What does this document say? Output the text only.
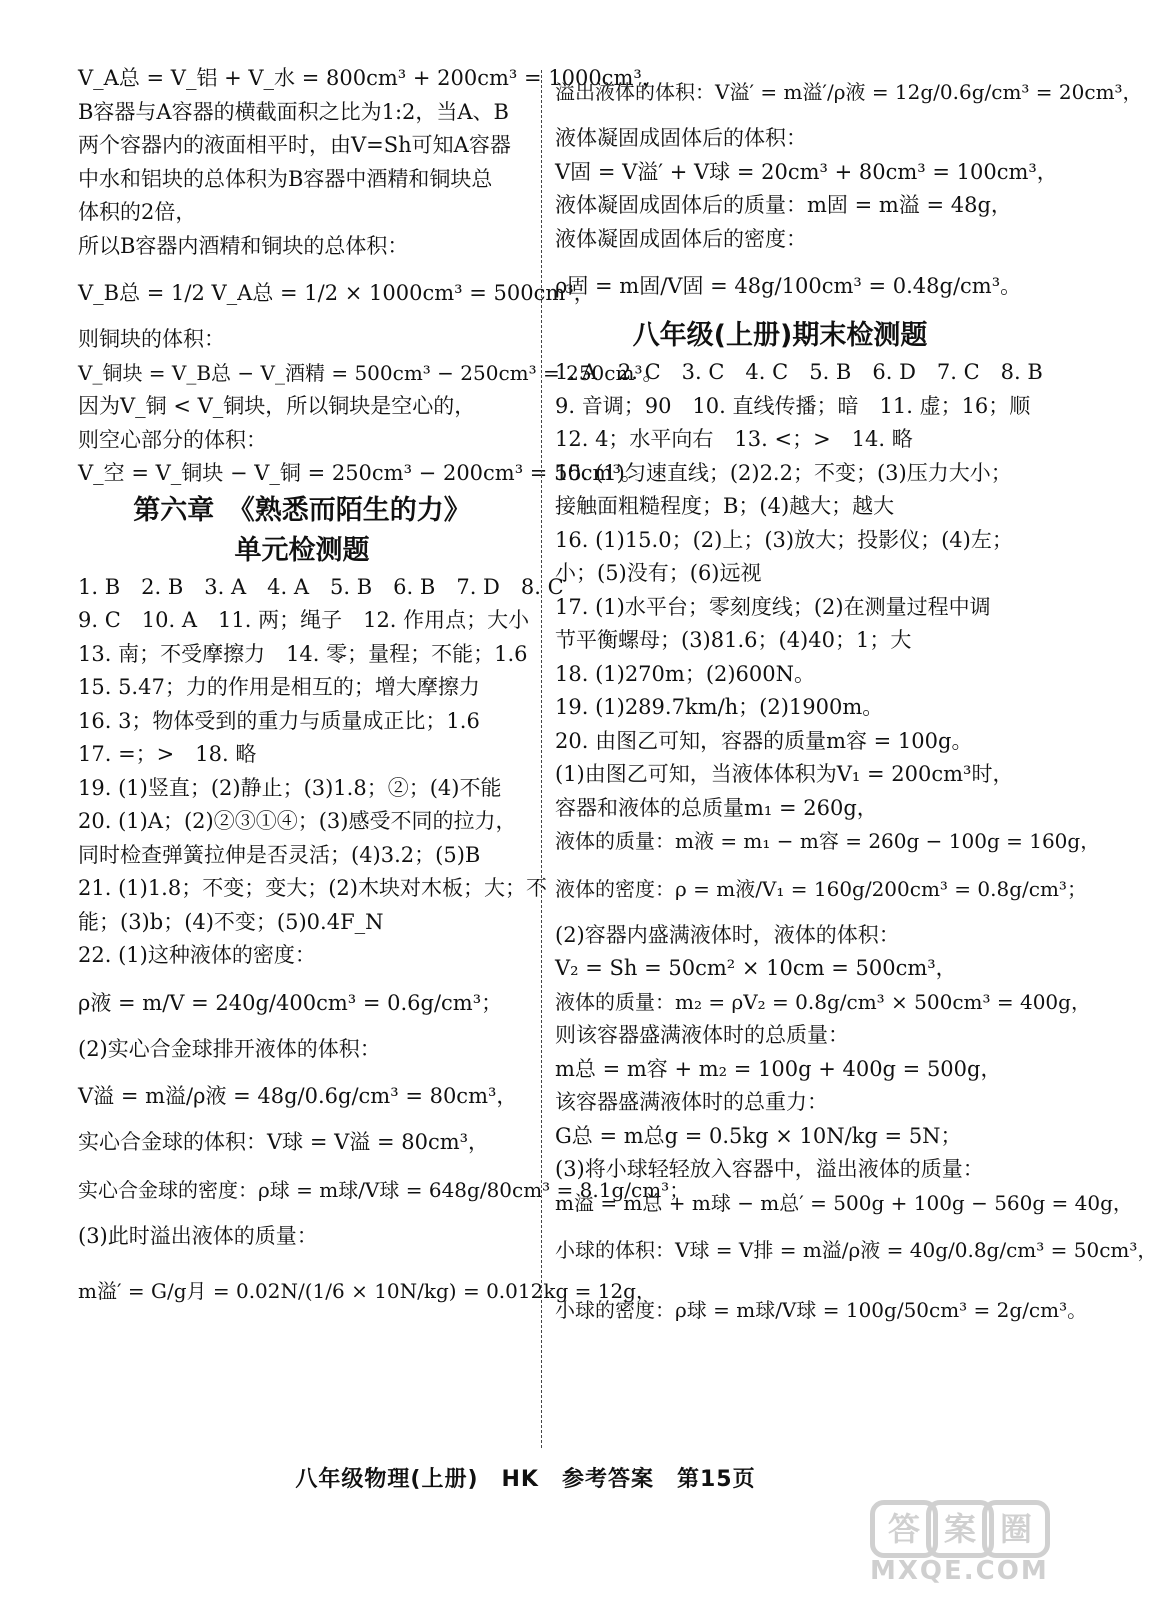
V_A总 = V_铝 + V_水 = 800cm³ + 200cm³ = 1000cm³，
B容器与A容器的横截面积之比为1:2，当A、B
两个容器内的液面相平时，由V=Sh可知A容器
中水和铝块的总体积为B容器中酒精和铜块总
体积的2倍，
所以B容器内酒精和铜块的总体积：
V_B总 = 1/2 V_A总 = 1/2 × 1000cm³ = 500cm³，
则铜块的体积：
V_铜块 = V_B总 − V_酒精 = 500cm³ − 250cm³ = 250cm³。
因为V_铜 < V_铜块，所以铜块是空心的，
则空心部分的体积：
V_空 = V_铜块 − V_铜 = 250cm³ − 200cm³ = 50cm³。
第六章　《熟悉而陌生的力》
单元检测题
1. B　2. B　3. A　4. A　5. B　6. B　7. D　8. C
9. C　10. A　11. 两；绳子　12. 作用点；大小
13. 南；不受摩擦力　14. 零；量程；不能；1.6
15. 5.47；力的作用是相互的；增大摩擦力
16. 3；物体受到的重力与质量成正比；1.6
17. =；>　18. 略
19. (1)竖直；(2)静止；(3)1.8；②；(4)不能
20. (1)A；(2)②③①④；(3)感受不同的拉力，
同时检查弹簧拉伸是否灵活；(4)3.2；(5)B
21. (1)1.8；不变；变大；(2)木块对木板；大；不
能；(3)b；(4)不变；(5)0.4F_N
22. (1)这种液体的密度：
ρ液 = m/V = 240g/400cm³ = 0.6g/cm³；
(2)实心合金球排开液体的体积：
V溢 = m溢/ρ液 = 48g/0.6g/cm³ = 80cm³，
实心合金球的体积：V球 = V溢 = 80cm³，
实心合金球的密度：ρ球 = m球/V球 = 648g/80cm³ = 8.1g/cm³；
(3)此时溢出液体的质量：
m溢′ = G/g月 = 0.02N/(1/6 × 10N/kg) = 0.012kg = 12g，
溢出液体的体积：V溢′ = m溢′/ρ液 = 12g/0.6g/cm³ = 20cm³，
液体凝固成固体后的体积：
V固 = V溢′ + V球 = 20cm³ + 80cm³ = 100cm³，
液体凝固成固体后的质量：m固 = m溢 = 48g，
液体凝固成固体后的密度：
ρ固 = m固/V固 = 48g/100cm³ = 0.48g/cm³。
八年级(上册)期末检测题
1. A　2. C　3. C　4. C　5. B　6. D　7. C　8. B
9. 音调；90　10. 直线传播；暗　11. 虚；16；顺
12. 4；水平向右　13. <；>　14. 略
15. (1)匀速直线；(2)2.2；不变；(3)压力大小；
接触面粗糙程度；B；(4)越大；越大
16. (1)15.0；(2)上；(3)放大；投影仪；(4)左；
小；(5)没有；(6)远视
17. (1)水平台；零刻度线；(2)在测量过程中调
节平衡螺母；(3)81.6；(4)40；1；大
18. (1)270m；(2)600N。
19. (1)289.7km/h；(2)1900m。
20. 由图乙可知，容器的质量m容 = 100g。
(1)由图乙可知，当液体体积为V₁ = 200cm³时，
容器和液体的总质量m₁ = 260g，
液体的质量：m液 = m₁ − m容 = 260g − 100g = 160g，
液体的密度：ρ = m液/V₁ = 160g/200cm³ = 0.8g/cm³；
(2)容器内盛满液体时，液体的体积：
V₂ = Sh = 50cm² × 10cm = 500cm³，
液体的质量：m₂ = ρV₂ = 0.8g/cm³ × 500cm³ = 400g，
则该容器盛满液体时的总质量：
m总 = m容 + m₂ = 100g + 400g = 500g，
该容器盛满液体时的总重力：
G总 = m总g = 0.5kg × 10N/kg = 5N；
(3)将小球轻轻放入容器中，溢出液体的质量：
m溢 = m总 + m球 − m总′ = 500g + 100g − 560g = 40g，
小球的体积：V球 = V排 = m溢/ρ液 = 40g/0.8g/cm³ = 50cm³，
小球的密度：ρ球 = m球/V球 = 100g/50cm³ = 2g/cm³。
八年级物理(上册)　HK　参考答案　第15页
答 案 圈
MXQE.COM
